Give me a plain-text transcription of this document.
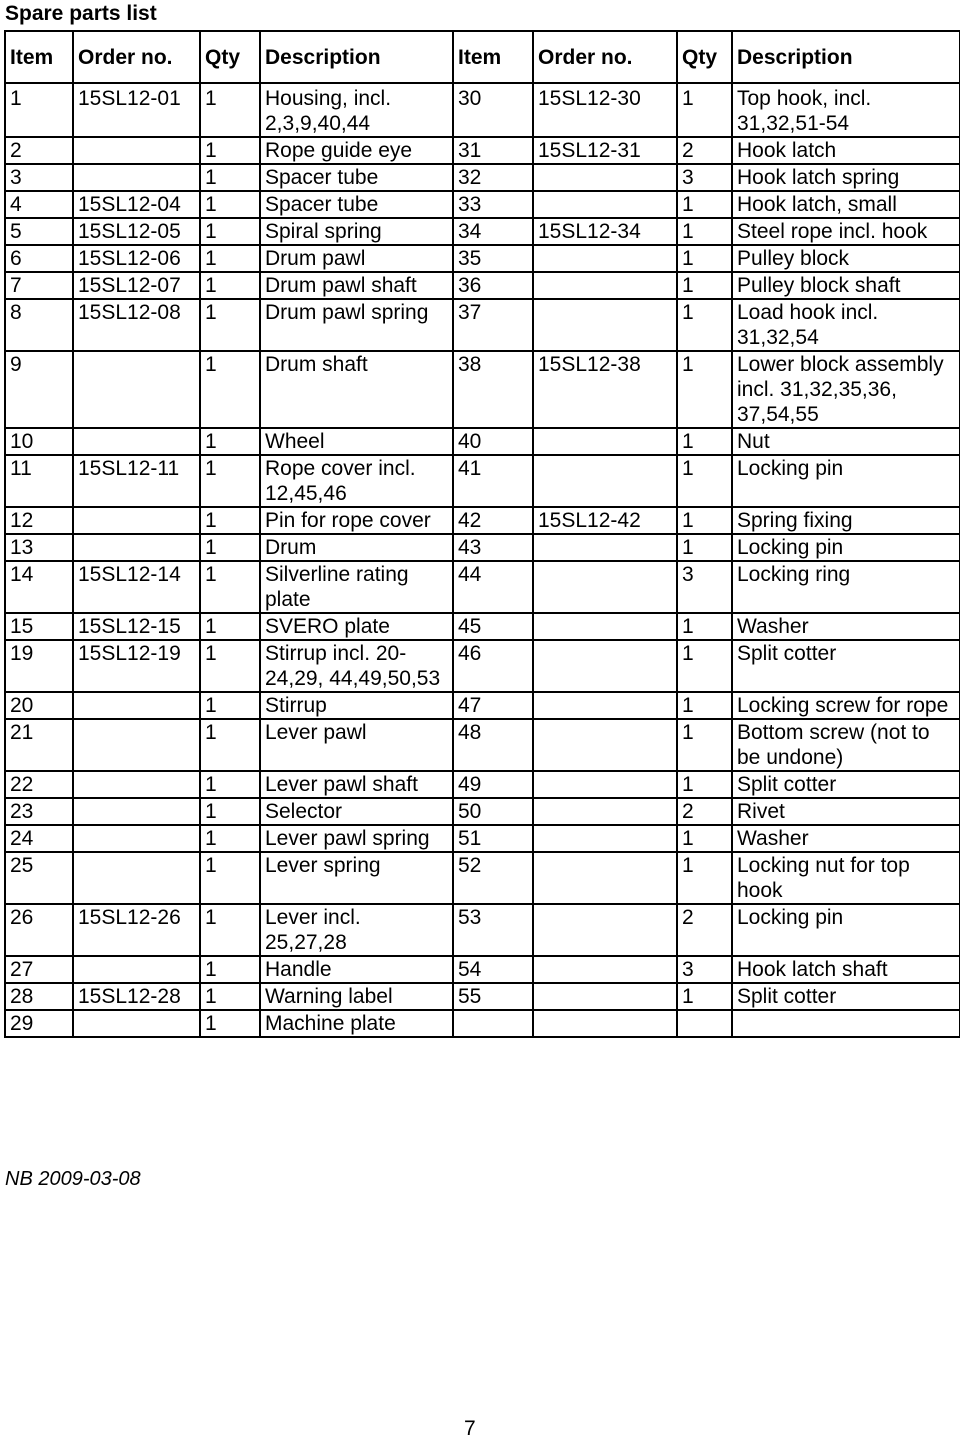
Spare parts list
Item	Order no.	Qty	Description	Item	Order no.	Qty	Description
1	15SL12-01	1	Housing, incl. 2,3,9,40,44	30	15SL12-30	1	Top hook, incl. 31,32,51-54
2		1	Rope guide eye	31	15SL12-31	2	Hook latch
3		1	Spacer tube	32		3	Hook latch spring
4	15SL12-04	1	Spacer tube	33		1	Hook latch, small
5	15SL12-05	1	Spiral spring	34	15SL12-34	1	Steel rope incl. hook
6	15SL12-06	1	Drum pawl	35		1	Pulley block
7	15SL12-07	1	Drum pawl shaft	36		1	Pulley block shaft
8	15SL12-08	1	Drum pawl spring	37		1	Load hook incl. 31,32,54
9		1	Drum shaft	38	15SL12-38	1	Lower block assembly incl. 31,32,35,36, 37,54,55
10		1	Wheel	40		1	Nut
11	15SL12-11	1	Rope cover incl. 12,45,46	41		1	Locking pin
12		1	Pin for rope cover	42	15SL12-42	1	Spring fixing
13		1	Drum	43		1	Locking pin
14	15SL12-14	1	Silverline rating plate	44		3	Locking ring
15	15SL12-15	1	SVERO plate	45		1	Washer
19	15SL12-19	1	Stirrup incl. 20-24,29, 44,49,50,53	46		1	Split cotter
20		1	Stirrup	47		1	Locking screw for rope
21		1	Lever pawl	48		1	Bottom screw (not to be undone)
22		1	Lever pawl shaft	49		1	Split cotter
23		1	Selector	50		2	Rivet
24		1	Lever pawl spring	51		1	Washer
25		1	Lever spring	52		1	Locking nut for top hook
26	15SL12-26	1	Lever incl. 25,27,28	53		2	Locking pin
27		1	Handle	54		3	Hook latch shaft
28	15SL12-28	1	Warning label	55		1	Split cotter
29		1	Machine plate				
NB 2009-03-08
7
